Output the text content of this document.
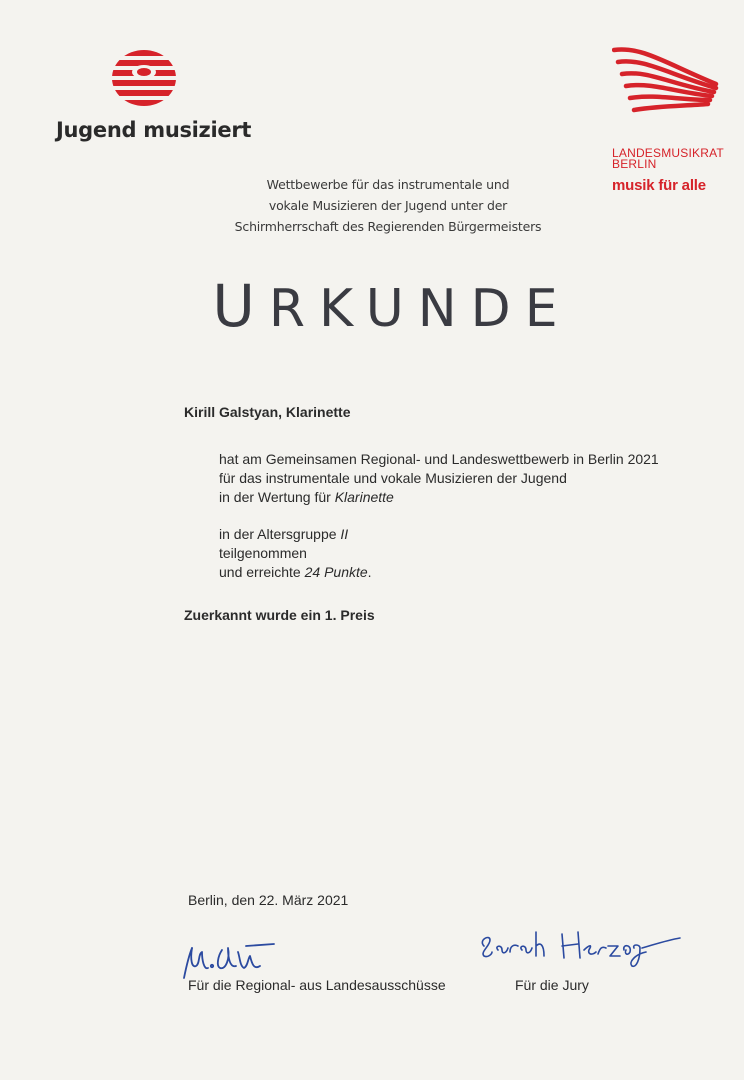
Jugend musiziert
LANDESMUSIKRAT
BERLIN
musik für alle
Wettbewerbe für das instrumentale und
vokale Musizieren der Jugend unter der
Schirmherrschaft des Regierenden Bürgermeisters
URKUNDE
Kirill Galstyan, Klarinette
hat am Gemeinsamen Regional- und Landeswettbewerb in Berlin 2021
für das instrumentale und vokale Musizieren der Jugend
in der Wertung für Klarinette
in der Altersgruppe II
teilgenommen
und erreichte 24 Punkte.
Zuerkannt wurde ein 1. Preis
Berlin, den 22. März 2021
Für die Regional- aus Landesausschüsse	Für die Jury
